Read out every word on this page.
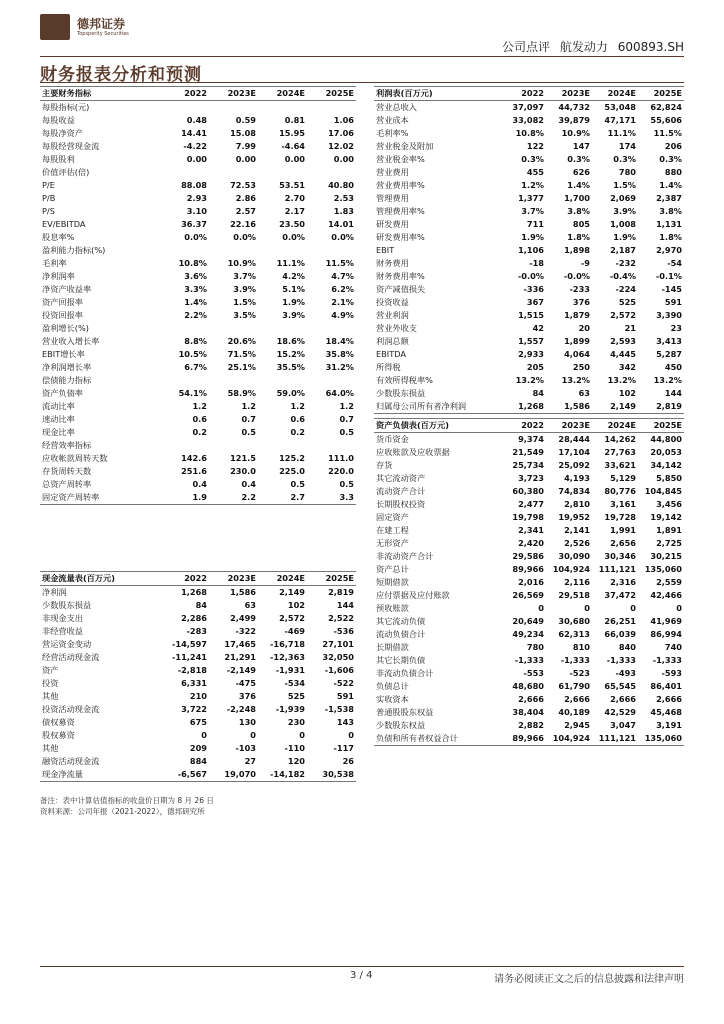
德邦证券
Topsperity Securities
公司点评 航发动力 600893.SH
财务报表分析和预测
主要财务指标	2022	2023E	2024E	2025E
每股指标(元)				
每股收益	0.48	0.59	0.81	1.06
每股净资产	14.41	15.08	15.95	17.06
每股经营现金流	-4.22	7.99	-4.64	12.02
每股股利	0.00	0.00	0.00	0.00
价值评估(倍)				
P/E	88.08	72.53	53.51	40.80
P/B	2.93	2.86	2.70	2.53
P/S	3.10	2.57	2.17	1.83
EV/EBITDA	36.37	22.16	23.50	14.01
股息率%	0.0%	0.0%	0.0%	0.0%
盈利能力指标(%)				
毛利率	10.8%	10.9%	11.1%	11.5%
净利润率	3.6%	3.7%	4.2%	4.7%
净资产收益率	3.3%	3.9%	5.1%	6.2%
资产回报率	1.4%	1.5%	1.9%	2.1%
投资回报率	2.2%	3.5%	3.9%	4.9%
盈利增长(%)				
营业收入增长率	8.8%	20.6%	18.6%	18.4%
EBIT增长率	10.5%	71.5%	15.2%	35.8%
净利润增长率	6.7%	25.1%	35.5%	31.2%
偿债能力指标				
资产负债率	54.1%	58.9%	59.0%	64.0%
流动比率	1.2	1.2	1.2	1.2
速动比率	0.6	0.7	0.6	0.7
现金比率	0.2	0.5	0.2	0.5
经营效率指标				
应收帐款周转天数	142.6	121.5	125.2	111.0
存货周转天数	251.6	230.0	225.0	220.0
总资产周转率	0.4	0.4	0.5	0.5
固定资产周转率	1.9	2.2	2.7	3.3
利润表(百万元)	2022	2023E	2024E	2025E
营业总收入	37,097	44,732	53,048	62,824
营业成本	33,082	39,879	47,171	55,606
毛利率%	10.8%	10.9%	11.1%	11.5%
营业税金及附加	122	147	174	206
营业税金率%	0.3%	0.3%	0.3%	0.3%
营业费用	455	626	780	880
营业费用率%	1.2%	1.4%	1.5%	1.4%
管理费用	1,377	1,700	2,069	2,387
管理费用率%	3.7%	3.8%	3.9%	3.8%
研发费用	711	805	1,008	1,131
研发费用率%	1.9%	1.8%	1.9%	1.8%
EBIT	1,106	1,898	2,187	2,970
财务费用	-18	-9	-232	-54
财务费用率%	-0.0%	-0.0%	-0.4%	-0.1%
资产减值损失	-336	-233	-224	-145
投资收益	367	376	525	591
营业利润	1,515	1,879	2,572	3,390
营业外收支	42	20	21	23
利润总额	1,557	1,899	2,593	3,413
EBITDA	2,933	4,064	4,445	5,287
所得税	205	250	342	450
有效所得税率%	13.2%	13.2%	13.2%	13.2%
少数股东损益	84	63	102	144
归属母公司所有者净利润	1,268	1,586	2,149	2,819
资产负债表(百万元)	2022	2023E	2024E	2025E
货币资金	9,374	28,444	14,262	44,800
应收账款及应收票据	21,549	17,104	27,763	20,053
存货	25,734	25,092	33,621	34,142
其它流动资产	3,723	4,193	5,129	5,850
流动资产合计	60,380	74,834	80,776	104,845
长期股权投资	2,477	2,810	3,161	3,456
固定资产	19,798	19,952	19,728	19,142
在建工程	2,341	2,141	1,991	1,891
无形资产	2,420	2,526	2,656	2,725
非流动资产合计	29,586	30,090	30,346	30,215
资产总计	89,966	104,924	111,121	135,060
短期借款	2,016	2,116	2,316	2,559
应付票据及应付账款	26,569	29,518	37,472	42,466
预收账款	0	0	0	0
其它流动负债	20,649	30,680	26,251	41,969
流动负债合计	49,234	62,313	66,039	86,994
长期借款	780	810	840	740
其它长期负债	-1,333	-1,333	-1,333	-1,333
非流动负债合计	-553	-523	-493	-593
负债总计	48,680	61,790	65,545	86,401
实收资本	2,666	2,666	2,666	2,666
普通股股东权益	38,404	40,189	42,529	45,468
少数股东权益	2,882	2,945	3,047	3,191
负债和所有者权益合计	89,966	104,924	111,121	135,060
现金流量表(百万元)	2022	2023E	2024E	2025E
净利润	1,268	1,586	2,149	2,819
少数股东损益	84	63	102	144
非现金支出	2,286	2,499	2,572	2,522
非经营收益	-283	-322	-469	-536
营运资金变动	-14,597	17,465	-16,718	27,101
经营活动现金流	-11,241	21,291	-12,363	32,050
资产	-2,818	-2,149	-1,931	-1,606
投资	6,331	-475	-534	-522
其他	210	376	525	591
投资活动现金流	3,722	-2,248	-1,939	-1,538
债权募资	675	130	230	143
股权募资	0	0	0	0
其他	209	-103	-110	-117
融资活动现金流	884	27	120	26
现金净流量	-6,567	19,070	-14,182	30,538
备注：表中计算估值指标的收盘价日期为 8 月 26 日
资料来源：公司年报（2021-2022），德邦研究所
3 / 4	请务必阅读正文之后的信息披露和法律声明
